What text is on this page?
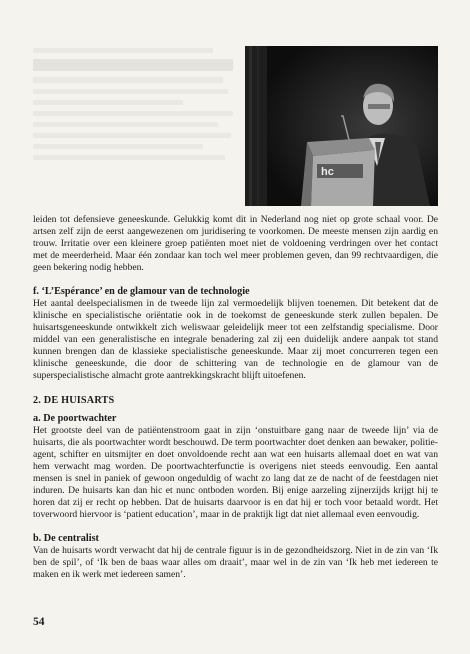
hc

leiden tot defensieve geneeskunde. Gelukkig komt dit in Nederland nog niet op grote schaal voor. De artsen zelf zijn de eerst aangewezenen om juridisering te voorkomen. De meeste mensen zijn aardig en trouw. Irritatie over een kleinere groep patiënten moet niet de voldoening verdringen over het contact met de meerderheid. Maar één zondaar kan toch wel meer problemen geven, dan 99 rechtvaardigen, die geen bekering nodig hebben.

f. ‘L’Espérance’ en de glamour van de technologie

Het aantal deelspecialismen in de tweede lijn zal vermoedelijk blijven toenemen. Dit betekent dat de klinische en specialistische oriëntatie ook in de toekomst de geneeskunde sterk zullen bepalen. De huisartsgeneeskunde ontwikkelt zich weliswaar geleidelijk meer tot een zelfstandig specialisme. Door middel van een generalistische en integrale benadering zal zij een duidelijk andere aanpak tot stand kunnen brengen dan de klassieke specialistische geneeskunde. Maar zij moet concurreren tegen een klinische geneeskunde, die door de schittering van de technologie en de glamour van de superspecialistische almacht grote aantrekkingskracht blijft uitoefenen.

2. DE HUISARTS

a. De poortwachter

Het grootste deel van de patiëntenstroom gaat in zijn ‘onstuitbare gang naar de tweede lijn’ via de huisarts, die als poortwachter wordt beschouwd. De term poortwachter doet denken aan bewaker, politie-agent, schifter en uitsmijter en doet onvoldoende recht aan wat een huisarts allemaal doet en wat van hem verwacht mag worden. De poortwachterfunctie is overigens niet steeds eenvoudig. Een aantal mensen is snel in paniek of gewoon ongeduldig of wacht zo lang dat ze de nacht of de feestdagen niet induren. De huisarts kan dan hic et nunc ontboden worden. Bij enige aarzeling zijnerzijds krijgt hij te horen dat zij er recht op hebben. Dat de huisarts daarvoor is en dat hij er toch voor betaald wordt. Het toverwoord hiervoor is ‘patient education’, maar in de praktijk ligt dat niet allemaal even eenvoudig.

b. De centralist

Van de huisarts wordt verwacht dat hij de centrale figuur is in de gezondheidszorg. Niet in de zin van ‘Ik ben de spil’, of ‘Ik ben de baas waar alles om draait’, maar wel in de zin van ‘Ik heb met iedereen te maken en ik werk met iedereen samen’.

54
